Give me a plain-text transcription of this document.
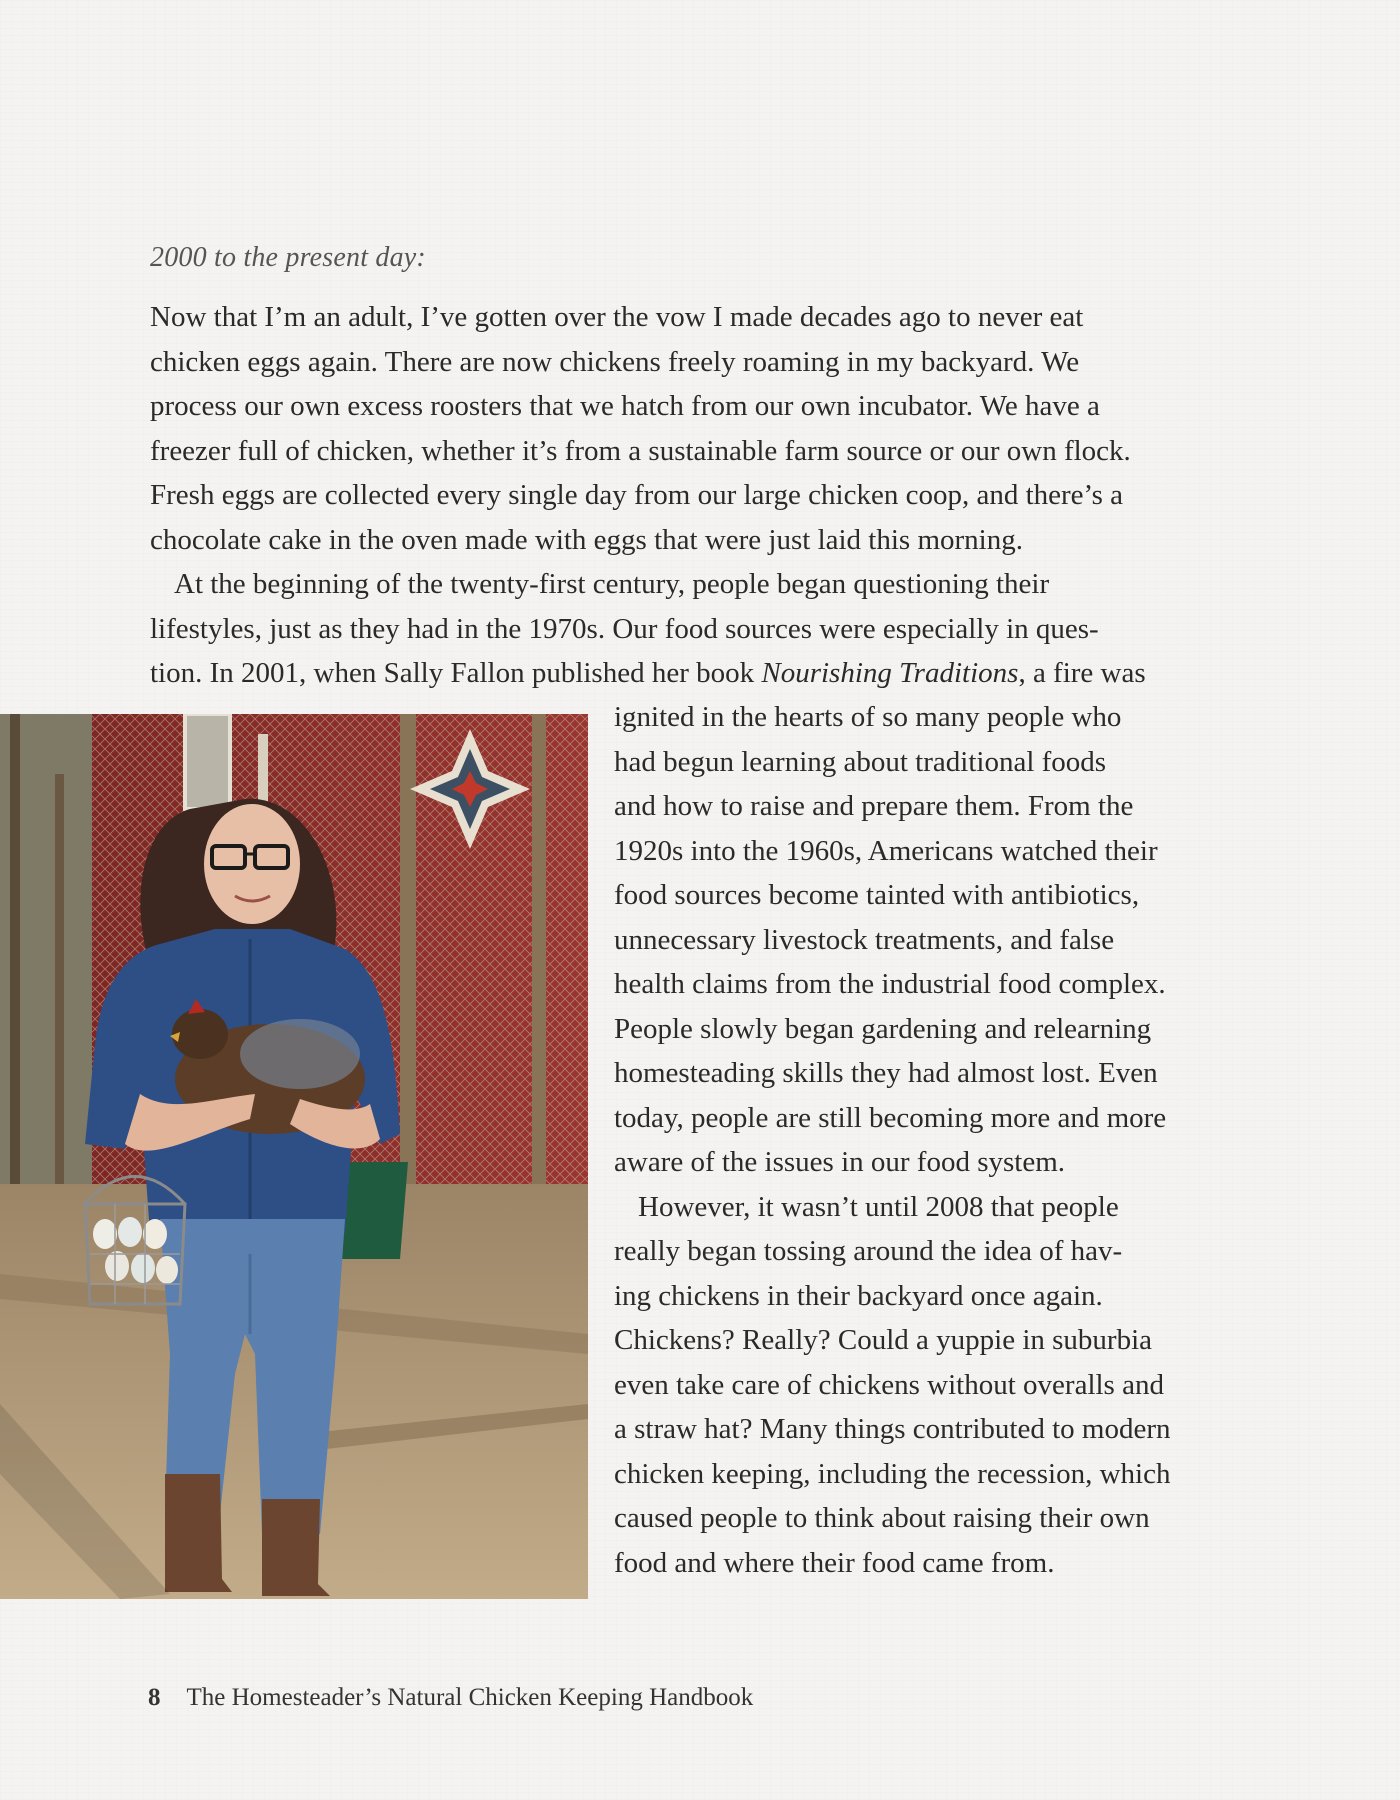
2000 to the present day:

Now that I’m an adult, I’ve gotten over the vow I made decades ago to never eat
chicken eggs again. There are now chickens freely roaming in my backyard. We
process our own excess roosters that we hatch from our own incubator. We have a
freezer full of chicken, whether it’s from a sustainable farm source or our own flock.
Fresh eggs are collected every single day from our large chicken coop, and there’s a
chocolate cake in the oven made with eggs that were just laid this morning.

At the beginning of the twenty-first century, people began questioning their
lifestyles, just as they had in the 1970s. Our food sources were especially in ques-
tion. In 2001, when Sally Fallon published her book Nourishing Traditions, a fire was

ignited in the hearts of so many people who
had begun learning about traditional foods
and how to raise and prepare them. From the
1920s into the 1960s, Americans watched their
food sources become tainted with antibiotics,
unnecessary livestock treatments, and false
health claims from the industrial food complex.
People slowly began gardening and relearning
homesteading skills they had almost lost. Even
today, people are still becoming more and more
aware of the issues in our food system.

However, it wasn’t until 2008 that people
really began tossing around the idea of hav-
ing chickens in their backyard once again.
Chickens? Really? Could a yuppie in suburbia
even take care of chickens without overalls and
a straw hat? Many things contributed to modern
chicken keeping, including the recession, which
caused people to think about raising their own
food and where their food came from.

8 The Homesteader’s Natural Chicken Keeping Handbook
